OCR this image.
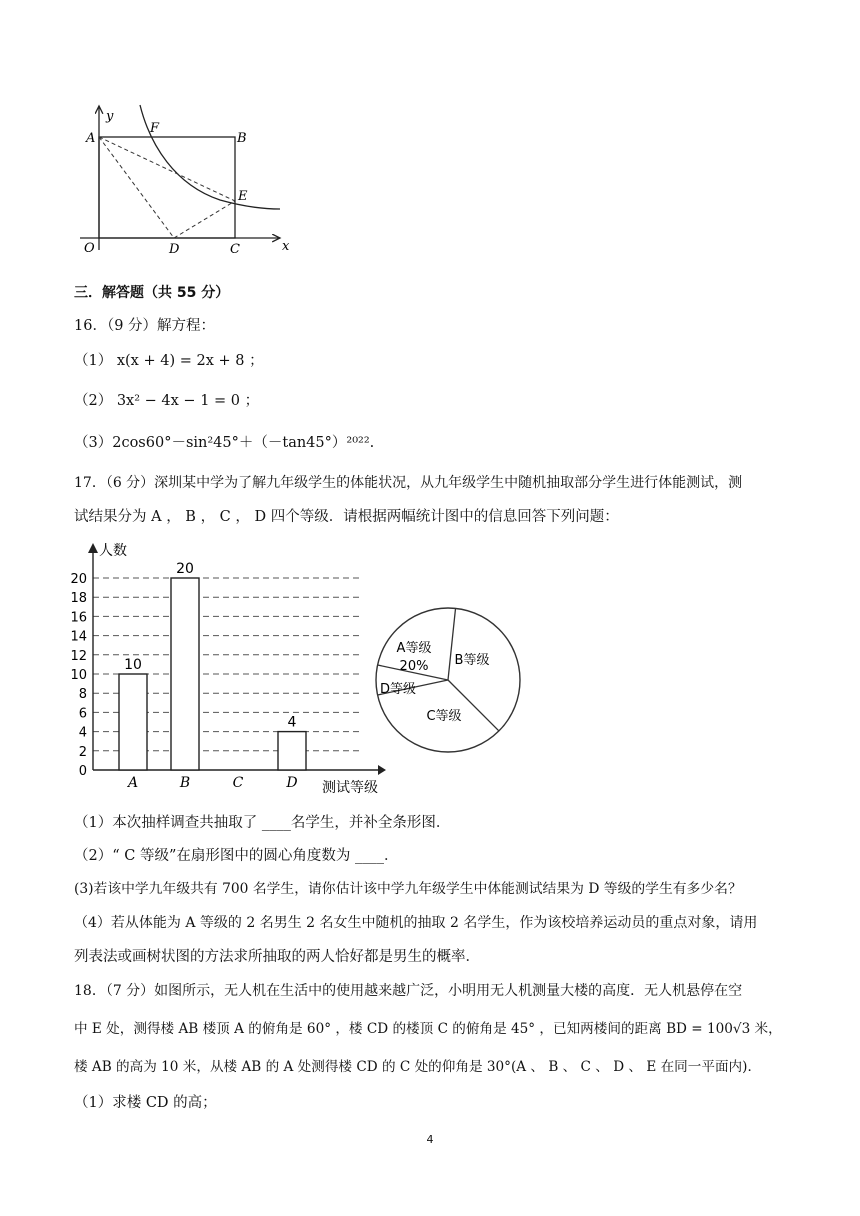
y
A
F
B
E
O	D	C	x
三．解答题（共 55 分）
16．（9 分）解方程：
（1） x(x + 4) = 2x + 8 ；
（2） 3x² − 4x − 1 = 0 ；
（3）2cos60°－sin²45°＋（－tan45°）²⁰²².
17．（6 分）深圳某中学为了解九年级学生的体能状况，从九年级学生中随机抽取部分学生进行体能测试，测
试结果分为 A ， B ， C ， D 四个等级．请根据两幅统计图中的信息回答下列问题：
0
2
4
6
8
10
12
14
16
18
20
人数
测试等级
10
A
20
B	C
4
D
A等级
20% B等级
C等级
D等级
（1）本次抽样调查共抽取了 ____名学生，并补全条形图．
（2）“ C 等级”在扇形图中的圆心角度数为 ____．
(3)若该中学九年级共有 700 名学生，请你估计该中学九年级学生中体能测试结果为 D 等级的学生有多少名？
（4）若从体能为 A 等级的 2 名男生 2 名女生中随机的抽取 2 名学生，作为该校培养运动员的重点对象，请用
列表法或画树状图的方法求所抽取的两人恰好都是男生的概率．
18．（7 分）如图所示，无人机在生活中的使用越来越广泛，小明用无人机测量大楼的高度．无人机悬停在空
中 E 处，测得楼 AB 楼顶 A 的俯角是 60° ，楼 CD 的楼顶 C 的俯角是 45° ，已知两楼间的距离 BD = 100√3 米，
楼 AB 的高为 10 米，从楼 AB 的 A 处测得楼 CD 的 C 处的仰角是 30°(A 、 B 、 C 、 D 、 E 在同一平面内)．
（1）求楼 CD 的高；
4
